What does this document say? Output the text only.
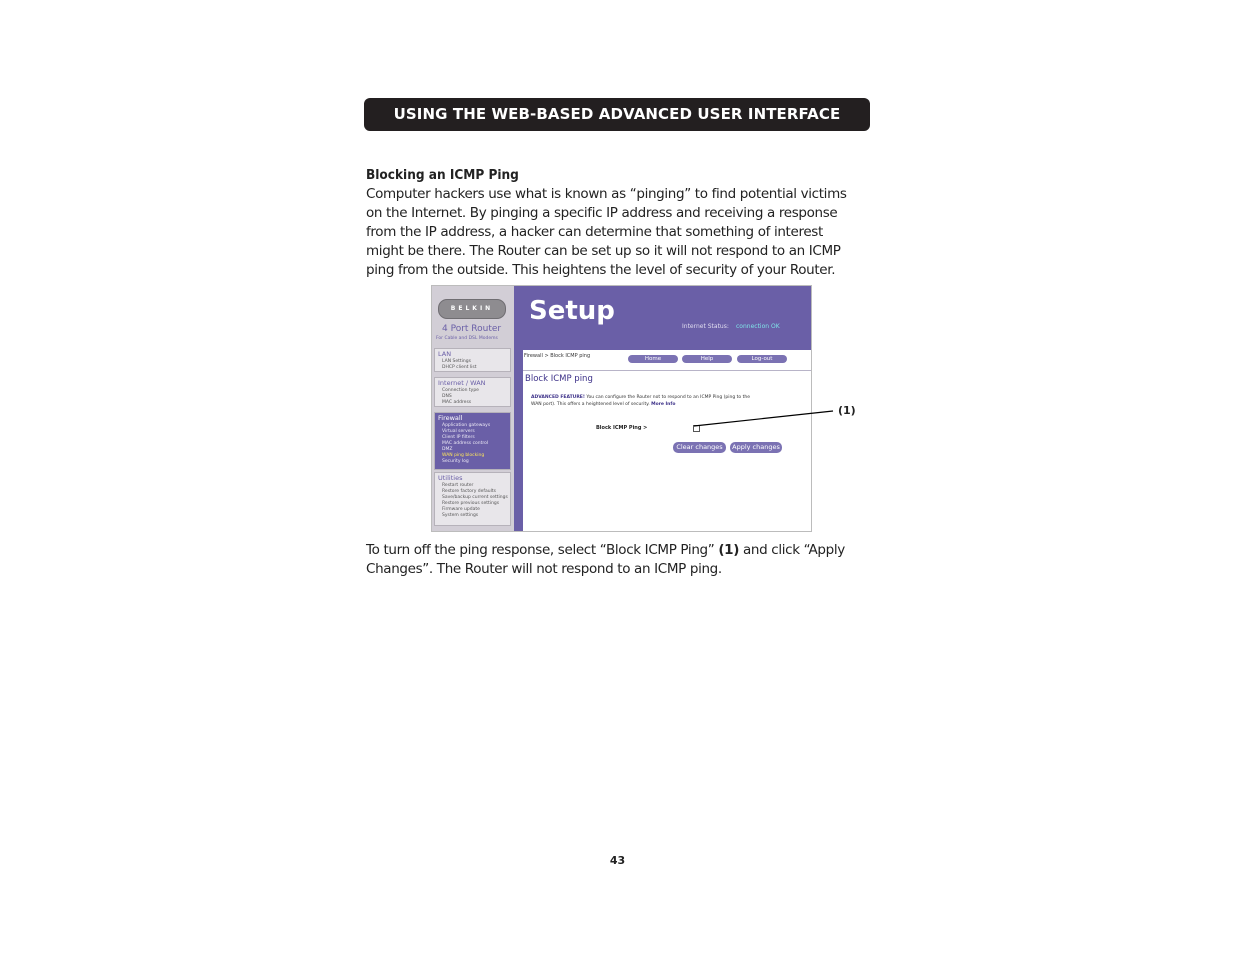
USING THE WEB-BASED ADVANCED USER INTERFACE
Blocking an ICMP Ping
Computer hackers use what is known as “pinging” to find potential victims on the Internet. By pinging a specific IP address and receiving a response from the IP address, a hacker can determine that something of interest might be there. The Router can be set up so it will not respond to an ICMP ping from the outside. This heightens the level of security of your Router.
BELKIN
4 Port Router
For Cable and DSL Modems
LAN
LAN Settings
DHCP client list
Internet / WAN
Connection type
DNS
MAC address
Firewall
Application gateways
Virtual servers
Client IP filters
MAC address control
DMZ
WAN ping blocking
Security log
Utilities
Restart router
Restore factory defaults
Save/backup current settings
Restore previous settings
Firmware update
System settings
Setup
Internet Status: connection OK
Firewall > Block ICMP ping	Home	Help	Log-out
Block ICMP ping
ADVANCED FEATURE! You can configure the Router not to respond to an ICMP Ping (ping to the WAN port). This offers a heightened level of security. More Info
Block ICMP Ping >
Clear changes	Apply changes
(1)
To turn off the ping response, select “Block ICMP Ping” (1) and click “Apply Changes”. The Router will not respond to an ICMP ping.
43
